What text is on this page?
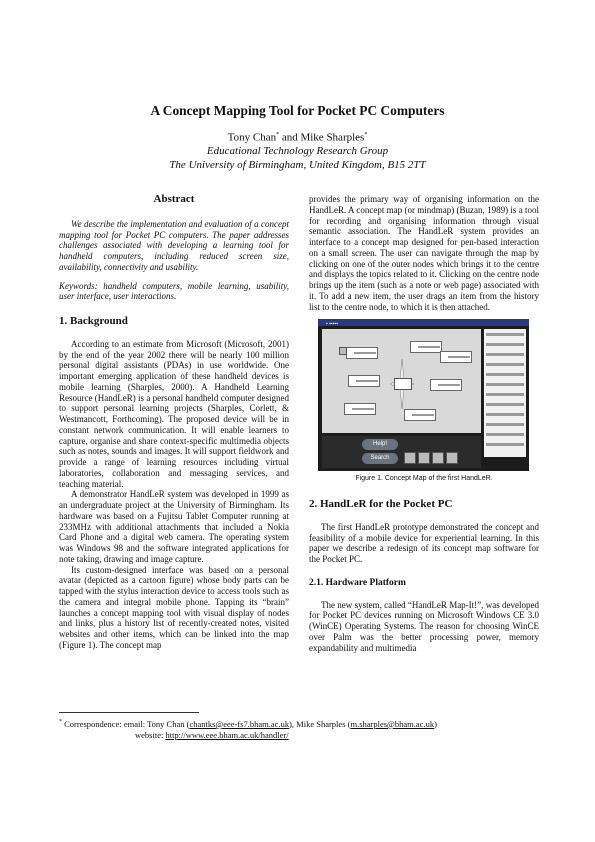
A Concept Mapping Tool for Pocket PC Computers
Tony Chan* and Mike Sharples*
Educational Technology Research Group
The University of Birmingham, United Kingdom, B15 2TT
Abstract

We describe the implementation and evaluation of a concept mapping tool for Pocket PC computers. The paper addresses challenges associated with developing a learning tool for handheld computers, including reduced screen size, availability, connectivity and usability.

Keywords: handheld computers, mobile learning, usability, user interface, user interactions.

1. Background

According to an estimate from Microsoft (Microsoft, 2001) by the end of the year 2002 there will be nearly 100 million personal digital assistants (PDAs) in use worldwide. One important emerging application of these handheld devices is mobile learning (Sharples, 2000). A Handheld Learning Resource (HandLeR) is a personal handheld computer designed to support personal learning projects (Sharples, Corlett, & Westmancott, Forthcoming). The proposed device will be in constant network communication. It will enable learners to capture, organise and share context-specific multimedia objects such as notes, sounds and images. It will support fieldwork and provide a range of learning resources including virtual laboratories, collaboration and messaging services, and teaching material.

A demonstrator HandLeR system was developed in 1999 as an undergraduate project at the University of Birmingham. Its hardware was based on a Fujitsu Tablet Computer running at 233MHz with additional attachments that included a Nokia Card Phone and a digital web camera. The operating system was Windows 98 and the software integrated applications for note taking, drawing and image capture.

Its custom-designed interface was based on a personal avatar (depicted as a cartoon figure) whose body parts can be tapped with the stylus interaction device to access tools such as the camera and integral mobile phone. Tapping its “brain” launches a concept mapping tool with visual display of nodes and links, plus a history list of recently-created notes, visited websites and other items, which can be linked into the map (Figure 1). The concept map

provides the primary way of organising information on the HandLeR. A concept map (or mindmap) (Buzan, 1989) is a tool for recording and organising information through visual semantic association. The HandLeR system provides an interface to a concept map designed for pen-based interaction on a small screen. The user can navigate through the map by clicking on one of the outer nodes which brings it to the centre and displays the topics related to it. Clicking on the centre node brings up the item (such as a note or web page) associated with it. To add a new item, the user drags an item from the history list to the centre node, to which it is then attached.

▪ ▪▪▪▪▪
Help!
Search
Figure 1. Concept Map of the first HandLeR.
2. HandLeR for the Pocket PC

The first HandLeR prototype demonstrated the concept and feasibility of a mobile device for experiential learning. In this paper we describe a redesign of its concept map software for the Pocket PC.

2.1. Hardware Platform

The new system, called “HandLeR Map-It!”, was developed for Pocket PC devices running on Microsoft Windows CE 3.0 (WinCE) Operating Systems. The reason for choosing WinCE over Palm was the better processing power, memory expandability and multimedia

* Correspondence: email: Tony Chan (chantks@eee-fs7.bham.ac.uk), Mike Sharples (m.sharples@bham.ac.uk)
website: http://www.eee.bham.ac.uk/handler/
